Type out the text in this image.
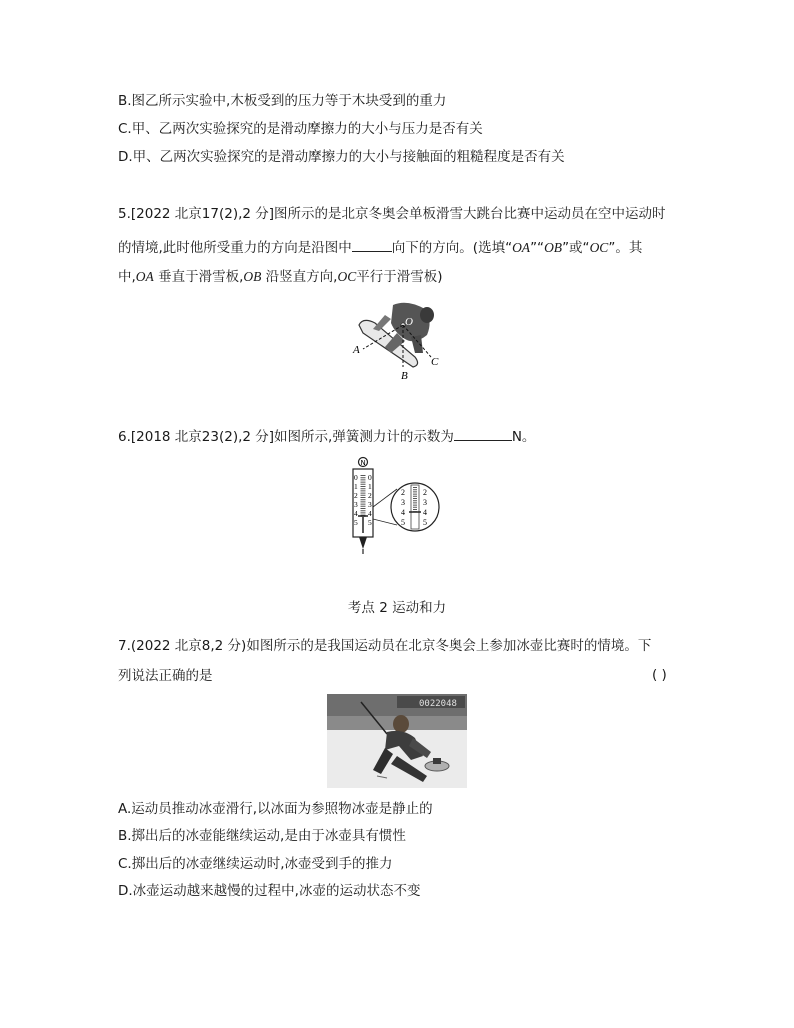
B.图乙所示实验中,木板受到的压力等于木块受到的重力
C.甲、乙两次实验探究的是滑动摩擦力的大小与压力是否有关
D.甲、乙两次实验探究的是滑动摩擦力的大小与接触面的粗糙程度是否有关
5.[2022 北京17(2),2 分]图所示的是北京冬奥会单板滑雪大跳台比赛中运动员在空中运动时
的情境,此时他所受重力的方向是沿图中	向下的方向。(选填“OA”“OB”或“OC”。其
中,OA 垂直于滑雪板,OB 沿竖直方向,OC平行于滑雪板)
O
A
B
C
6.[2018 北京23(2),2 分]如图所示,弹簧测力计的示数为	N。
N
0
1
2
3
4
5
0
1
2
3
4
5
2
3
4
5
2
3
4
5
考点 2 运动和力
7.(2022 北京8,2 分)如图所示的是我国运动员在北京冬奥会上参加冰壶比赛时的情境。下
列说法正确的是	( )
0022048
A.运动员推动冰壶滑行,以冰面为参照物冰壶是静止的
B.掷出后的冰壶能继续运动,是由于冰壶具有惯性
C.掷出后的冰壶继续运动时,冰壶受到手的推力
D.冰壶运动越来越慢的过程中,冰壶的运动状态不变
